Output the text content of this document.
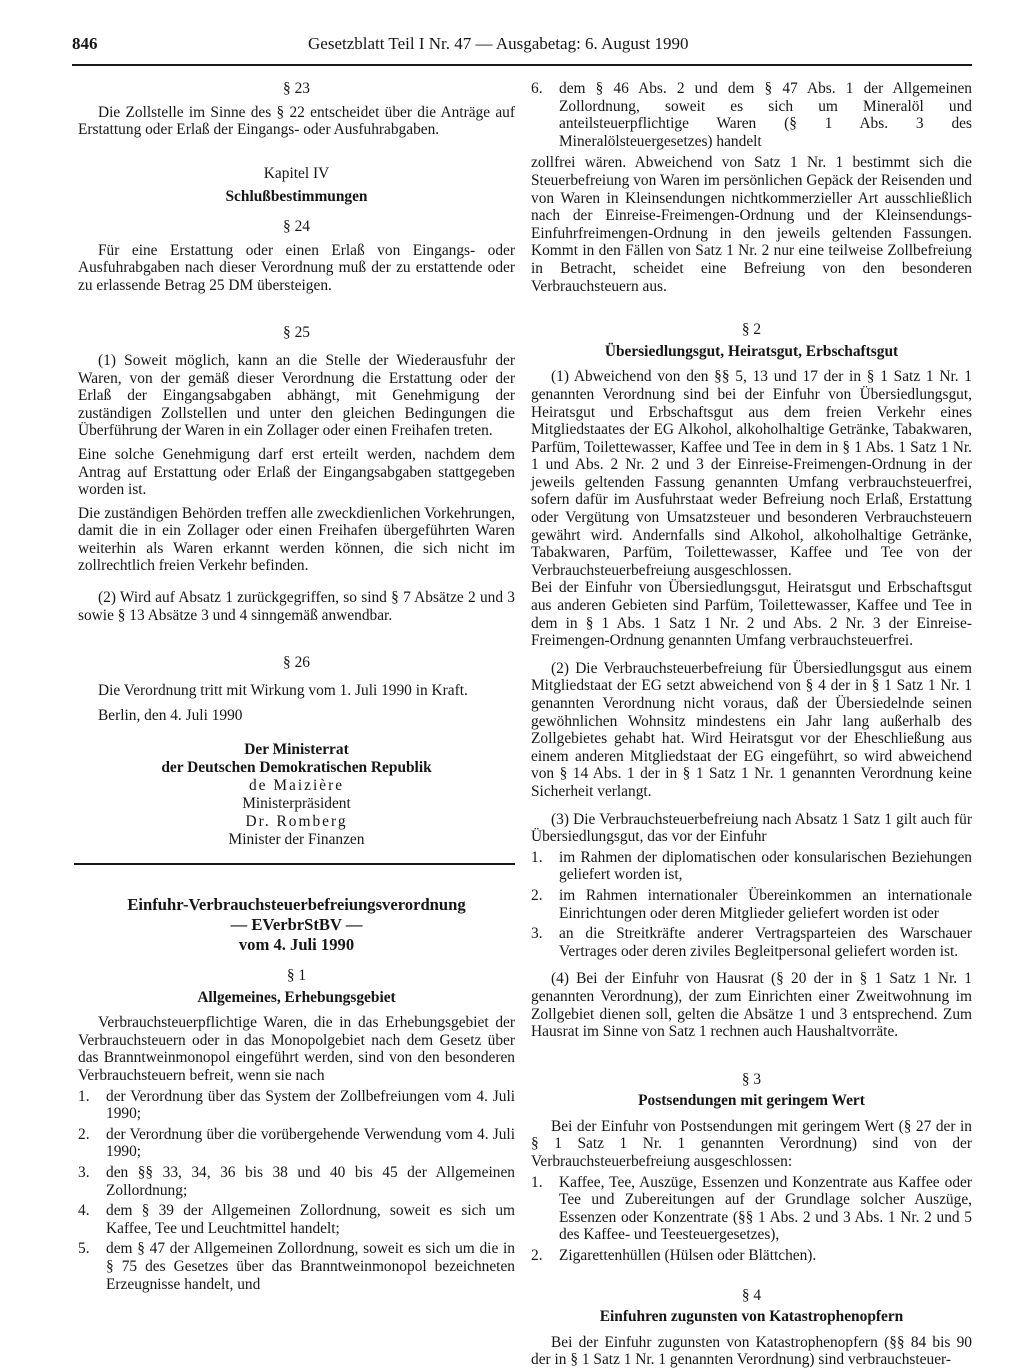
846	Gesetzblatt Teil I Nr. 47 — Ausgabetag: 6. August 1990

§ 23

Die Zollstelle im Sinne des § 22 entscheidet über die Anträge auf Erstattung oder Erlaß der Eingangs- oder Ausfuhrabgaben.

Kapitel IV

Schlußbestimmungen

§ 24

Für eine Erstattung oder einen Erlaß von Eingangs- oder Ausfuhrabgaben nach dieser Verordnung muß der zu erstattende oder zu erlassende Betrag 25 DM übersteigen.

§ 25

(1) Soweit möglich, kann an die Stelle der Wiederausfuhr der Waren, von der gemäß dieser Verordnung die Erstattung oder der Erlaß der Eingangsabgaben abhängt, mit Genehmigung der zuständigen Zollstellen und unter den gleichen Bedingungen die Überführung der Waren in ein Zollager oder einen Freihafen treten.

Eine solche Genehmigung darf erst erteilt werden, nachdem dem Antrag auf Erstattung oder Erlaß der Eingangsabgaben stattgegeben worden ist.

Die zuständigen Behörden treffen alle zweckdienlichen Vorkehrungen, damit die in ein Zollager oder einen Freihafen übergeführten Waren weiterhin als Waren erkannt werden können, die sich nicht im zollrechtlich freien Verkehr befinden.

(2) Wird auf Absatz 1 zurückgegriffen, so sind § 7 Absätze 2 und 3 sowie § 13 Absätze 3 und 4 sinngemäß anwendbar.

§ 26

Die Verordnung tritt mit Wirkung vom 1. Juli 1990 in Kraft.

Berlin, den 4. Juli 1990

Der Ministerrat

der Deutschen Demokratischen Republik

de Maizière

Ministerpräsident

Dr. Romberg

Minister der Finanzen

Einfuhr-Verbrauchsteuerbefreiungsverordnung

— EVerbrStBV —

vom 4. Juli 1990

§ 1

Allgemeines, Erhebungsgebiet

Verbrauchsteuerpflichtige Waren, die in das Erhebungsgebiet der Verbrauchsteuern oder in das Monopolgebiet nach dem Gesetz über das Branntweinmonopol eingeführt werden, sind von den besonderen Verbrauchsteuern befreit, wenn sie nach

1.	der Verordnung über das System der Zollbefreiungen vom 4. Juli 1990;
2.	der Verordnung über die vorübergehende Verwendung vom 4. Juli 1990;
3.	den §§ 33, 34, 36 bis 38 und 40 bis 45 der Allgemeinen Zollordnung;
4.	dem § 39 der Allgemeinen Zollordnung, soweit es sich um Kaffee, Tee und Leuchtmittel handelt;
5.	dem § 47 der Allgemeinen Zollordnung, soweit es sich um die in § 75 des Gesetzes über das Branntweinmonopol bezeichneten Erzeugnisse handelt, und
6.	dem § 46 Abs. 2 und dem § 47 Abs. 1 der Allgemeinen Zollordnung, soweit es sich um Mineralöl und anteilsteuerpflichtige Waren (§ 1 Abs. 3 des Mineralölsteuergesetzes) handelt

zollfrei wären. Abweichend von Satz 1 Nr. 1 bestimmt sich die Steuerbefreiung von Waren im persönlichen Gepäck der Reisenden und von Waren in Kleinsendungen nichtkommerzieller Art ausschließlich nach der Einreise-Freimengen-Ordnung und der Kleinsendungs-Einfuhrfreimengen-Ordnung in den jeweils geltenden Fassungen. Kommt in den Fällen von Satz 1 Nr. 2 nur eine teilweise Zollbefreiung in Betracht, scheidet eine Befreiung von den besonderen Verbrauchsteuern aus.

§ 2

Übersiedlungsgut, Heiratsgut, Erbschaftsgut

(1) Abweichend von den §§ 5, 13 und 17 der in § 1 Satz 1 Nr. 1 genannten Verordnung sind bei der Einfuhr von Übersiedlungsgut, Heiratsgut und Erbschaftsgut aus dem freien Verkehr eines Mitgliedstaates der EG Alkohol, alkoholhaltige Getränke, Tabakwaren, Parfüm, Toilettewasser, Kaffee und Tee in dem in § 1 Abs. 1 Satz 1 Nr. 1 und Abs. 2 Nr. 2 und 3 der Einreise-Freimengen-Ordnung in der jeweils geltenden Fassung genannten Umfang verbrauchsteuerfrei, sofern dafür im Ausfuhrstaat weder Befreiung noch Erlaß, Erstattung oder Vergütung von Umsatzsteuer und besonderen Verbrauchsteuern gewährt wird. Andernfalls sind Alkohol, alkoholhaltige Getränke, Tabakwaren, Parfüm, Toilettewasser, Kaffee und Tee von der Verbrauchsteuerbefreiung ausgeschlossen.

Bei der Einfuhr von Übersiedlungsgut, Heiratsgut und Erbschaftsgut aus anderen Gebieten sind Parfüm, Toilettewasser, Kaffee und Tee in dem in § 1 Abs. 1 Satz 1 Nr. 2 und Abs. 2 Nr. 3 der Einreise-Freimengen-Ordnung genannten Umfang verbrauchsteuerfrei.

(2) Die Verbrauchsteuerbefreiung für Übersiedlungsgut aus einem Mitgliedstaat der EG setzt abweichend von § 4 der in § 1 Satz 1 Nr. 1 genannten Verordnung nicht voraus, daß der Übersiedelnde seinen gewöhnlichen Wohnsitz mindestens ein Jahr lang außerhalb des Zollgebietes gehabt hat. Wird Heiratsgut vor der Eheschließung aus einem anderen Mitgliedstaat der EG eingeführt, so wird abweichend von § 14 Abs. 1 der in § 1 Satz 1 Nr. 1 genannten Verordnung keine Sicherheit verlangt.

(3) Die Verbrauchsteuerbefreiung nach Absatz 1 Satz 1 gilt auch für Übersiedlungsgut, das vor der Einfuhr

1.	im Rahmen der diplomatischen oder konsularischen Beziehungen geliefert worden ist,
2.	im Rahmen internationaler Übereinkommen an internationale Einrichtungen oder deren Mitglieder geliefert worden ist oder
3.	an die Streitkräfte anderer Vertragsparteien des Warschauer Vertrages oder deren ziviles Begleitpersonal geliefert worden ist.

(4) Bei der Einfuhr von Hausrat (§ 20 der in § 1 Satz 1 Nr. 1 genannten Verordnung), der zum Einrichten einer Zweitwohnung im Zollgebiet dienen soll, gelten die Absätze 1 und 3 entsprechend. Zum Hausrat im Sinne von Satz 1 rechnen auch Haushaltvorräte.

§ 3

Postsendungen mit geringem Wert

Bei der Einfuhr von Postsendungen mit geringem Wert (§ 27 der in § 1 Satz 1 Nr. 1 genannten Verordnung) sind von der Verbrauchsteuerbefreiung ausgeschlossen:

1.	Kaffee, Tee, Auszüge, Essenzen und Konzentrate aus Kaffee oder Tee und Zubereitungen auf der Grundlage solcher Auszüge, Essenzen oder Konzentrate (§§ 1 Abs. 2 und 3 Abs. 1 Nr. 2 und 5 des Kaffee- und Teesteuergesetzes),
2.	Zigarettenhüllen (Hülsen oder Blättchen).

§ 4

Einfuhren zugunsten von Katastrophenopfern

Bei der Einfuhr zugunsten von Katastrophenopfern (§§ 84 bis 90 der in § 1 Satz 1 Nr. 1 genannten Verordnung) sind verbrauchsteuer-
